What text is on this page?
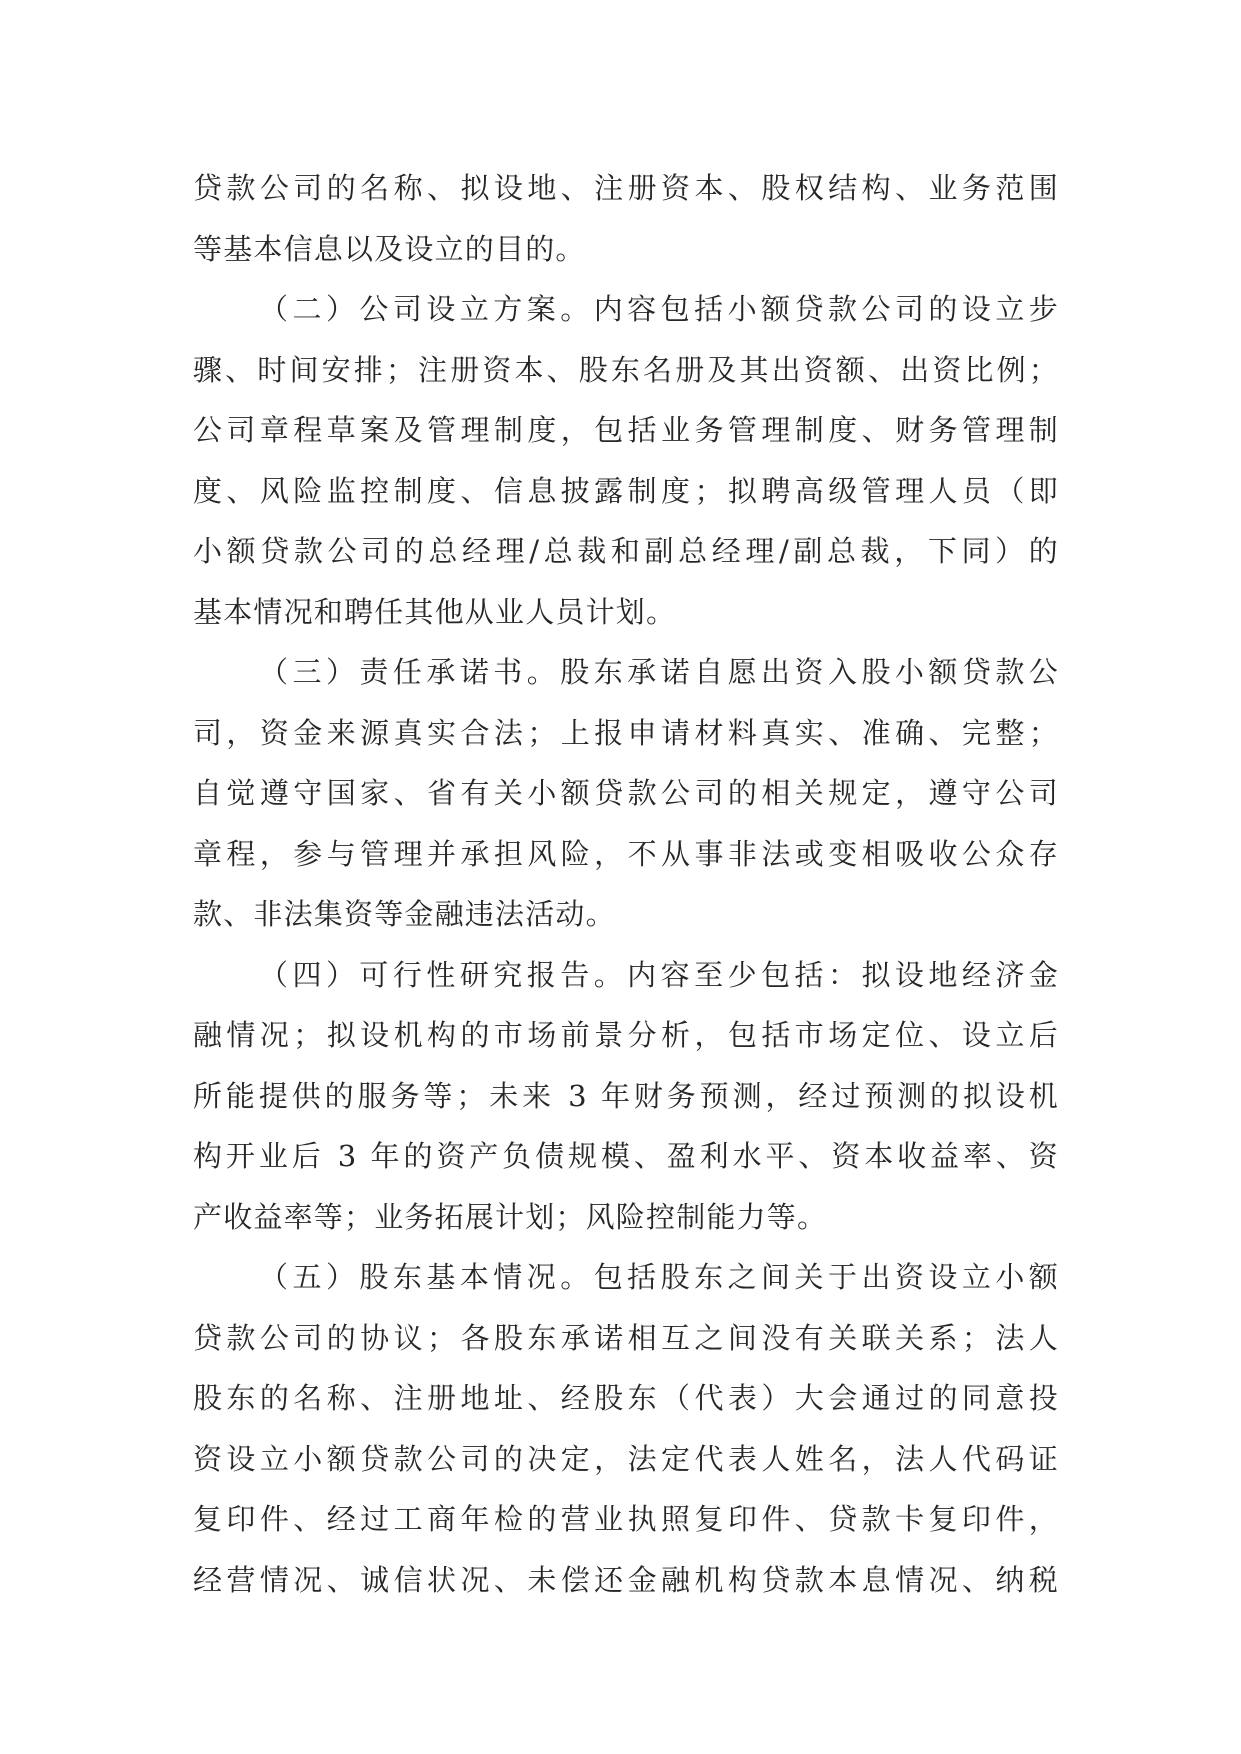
贷款公司的名称、拟设地、注册资本、股权结构、业务范围
等基本信息以及设立的目的。
（二）公司设立方案。内容包括小额贷款公司的设立步
骤、时间安排；注册资本、股东名册及其出资额、出资比例；
公司章程草案及管理制度，包括业务管理制度、财务管理制
度、风险监控制度、信息披露制度；拟聘高级管理人员（即
小额贷款公司的总经理/总裁和副总经理/副总裁，下同）的
基本情况和聘任其他从业人员计划。
（三）责任承诺书。股东承诺自愿出资入股小额贷款公
司，资金来源真实合法；上报申请材料真实、准确、完整；
自觉遵守国家、省有关小额贷款公司的相关规定，遵守公司
章程，参与管理并承担风险，不从事非法或变相吸收公众存
款、非法集资等金融违法活动。
（四）可行性研究报告。内容至少包括：拟设地经济金
融情况；拟设机构的市场前景分析，包括市场定位、设立后
所能提供的服务等；未来 3 年财务预测，经过预测的拟设机
构开业后 3 年的资产负债规模、盈利水平、资本收益率、资
产收益率等；业务拓展计划；风险控制能力等。
（五）股东基本情况。包括股东之间关于出资设立小额
贷款公司的协议；各股东承诺相互之间没有关联关系；法人
股东的名称、注册地址、经股东（代表）大会通过的同意投
资设立小额贷款公司的决定，法定代表人姓名，法人代码证
复印件、经过工商年检的营业执照复印件、贷款卡复印件，
经营情况、诚信状况、未偿还金融机构贷款本息情况、纳税
